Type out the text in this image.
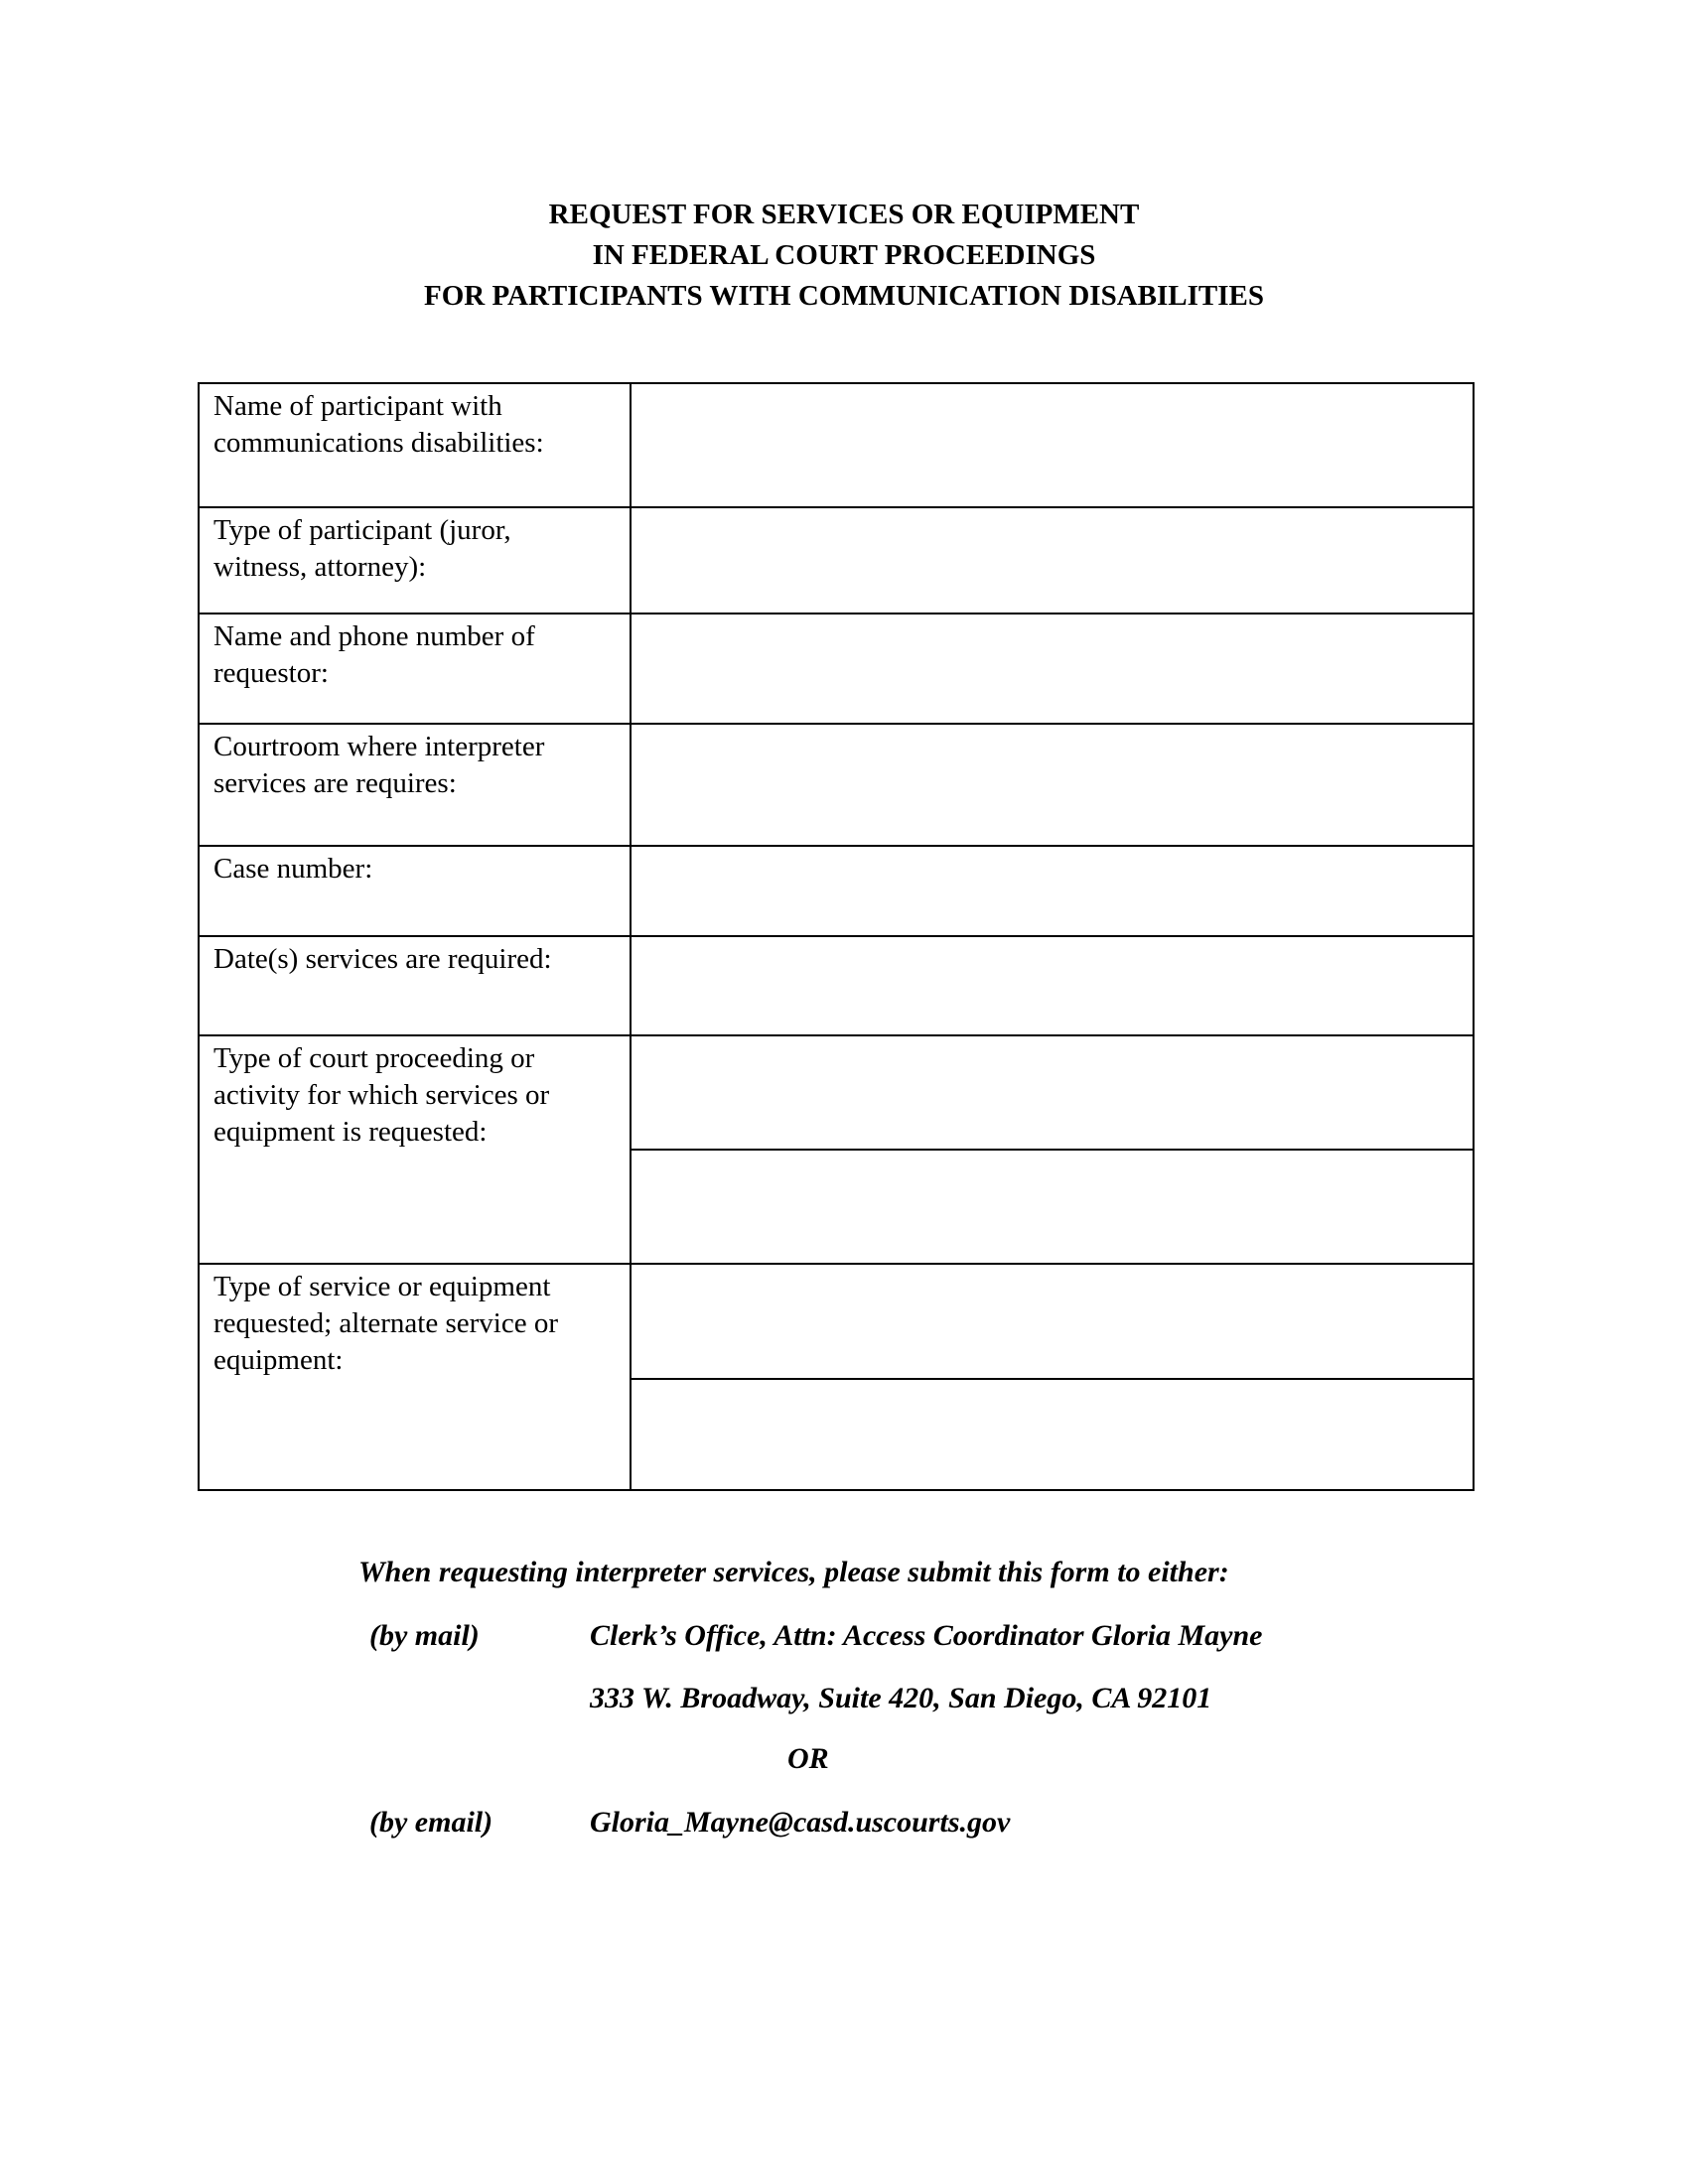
REQUEST FOR SERVICES OR EQUIPMENT
IN FEDERAL COURT PROCEEDINGS
FOR PARTICIPANTS WITH COMMUNICATION DISABILITIES
Name of participant with communications disabilities:
Type of participant (juror, witness, attorney):
Name and phone number of requestor:
Courtroom where interpreter services are requires:
Case number:
Date(s) services are required:
Type of court proceeding or activity for which services or equipment is requested:
Type of service or equipment requested; alternate service or equipment:
When requesting interpreter services, please submit this form to either:
(by mail)	Clerk’s Office, Attn: Access Coordinator Gloria Mayne
333 W. Broadway, Suite 420, San Diego, CA 92101
OR
(by email)	Gloria_Mayne@casd.uscourts.gov
